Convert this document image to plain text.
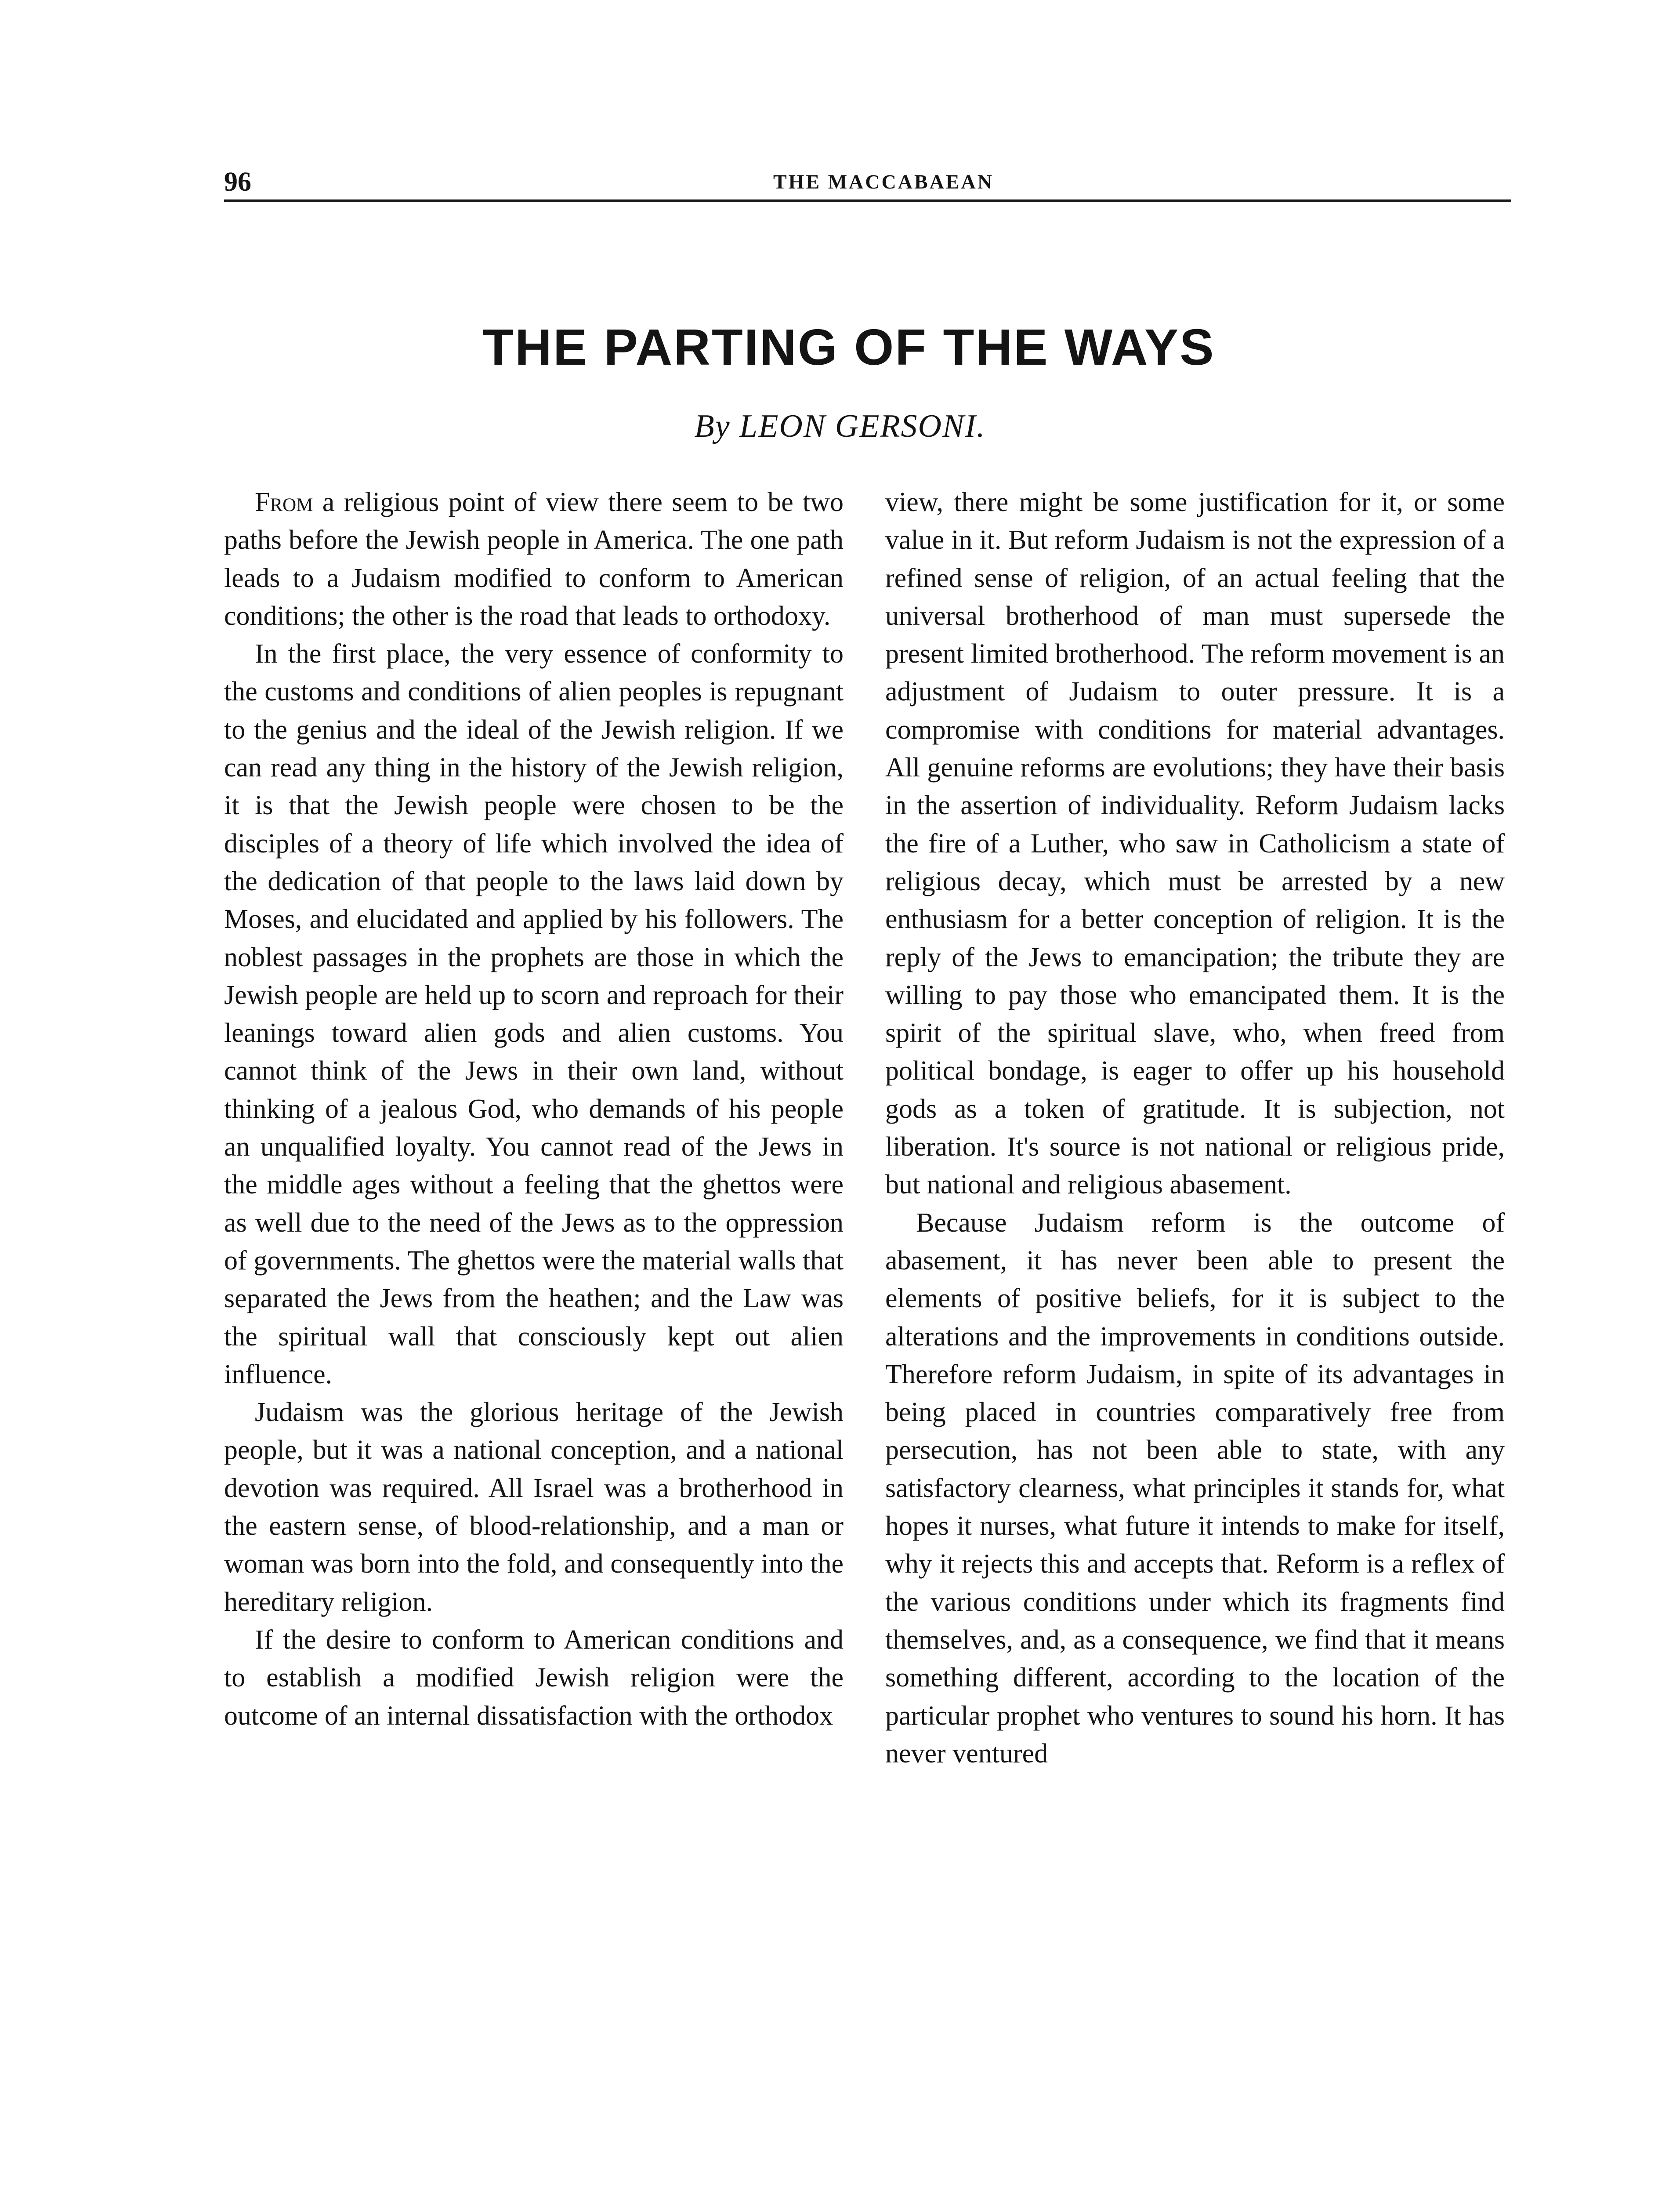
96	THE MACCABAEAN
THE PARTING OF THE WAYS
By LEON GERSONI.

From a religious point of view there seem to be two paths before the Jewish people in America. The one path leads to a Judaism modified to conform to American conditions; the other is the road that leads to orthodoxy.

In the first place, the very essence of conformity to the customs and conditions of alien peoples is repugnant to the genius and the ideal of the Jewish religion. If we can read any thing in the history of the Jewish religion, it is that the Jewish people were chosen to be the disciples of a theory of life which involved the idea of the dedication of that people to the laws laid down by Moses, and elucidated and applied by his followers. The noblest passages in the prophets are those in which the Jewish people are held up to scorn and reproach for their leanings toward alien gods and alien customs. You cannot think of the Jews in their own land, without thinking of a jealous God, who demands of his people an unqualified loyalty. You cannot read of the Jews in the middle ages without a feeling that the ghettos were as well due to the need of the Jews as to the oppression of governments. The ghettos were the material walls that separated the Jews from the heathen; and the Law was the spiritual wall that consciously kept out alien influence.

Judaism was the glorious heritage of the Jewish people, but it was a national conception, and a national devotion was required. All Israel was a brotherhood in the eastern sense, of blood-relationship, and a man or woman was born into the fold, and consequently into the hereditary religion.

If the desire to conform to American conditions and to establish a modified Jewish religion were the outcome of an internal dissatisfaction with the orthodox

view, there might be some justification for it, or some value in it. But reform Judaism is not the expression of a refined sense of religion, of an actual feeling that the universal brotherhood of man must supersede the present limited brotherhood. The reform movement is an adjustment of Judaism to outer pressure. It is a compromise with conditions for material advantages. All genuine reforms are evolutions; they have their basis in the assertion of individuality. Reform Judaism lacks the fire of a Luther, who saw in Catholicism a state of religious decay, which must be arrested by a new enthusiasm for a better conception of religion. It is the reply of the Jews to emancipation; the tribute they are willing to pay those who emancipated them. It is the spirit of the spiritual slave, who, when freed from political bondage, is eager to offer up his household gods as a token of gratitude. It is subjection, not liberation. It's source is not national or religious pride, but national and religious abasement.

Because Judaism reform is the outcome of abasement, it has never been able to present the elements of positive beliefs, for it is subject to the alterations and the improvements in conditions outside. Therefore reform Judaism, in spite of its advantages in being placed in countries comparatively free from persecution, has not been able to state, with any satisfactory clearness, what principles it stands for, what hopes it nurses, what future it intends to make for itself, why it rejects this and accepts that. Reform is a reflex of the various conditions under which its fragments find themselves, and, as a consequence, we find that it means something different, according to the location of the particular prophet who ventures to sound his horn. It has never ventured
